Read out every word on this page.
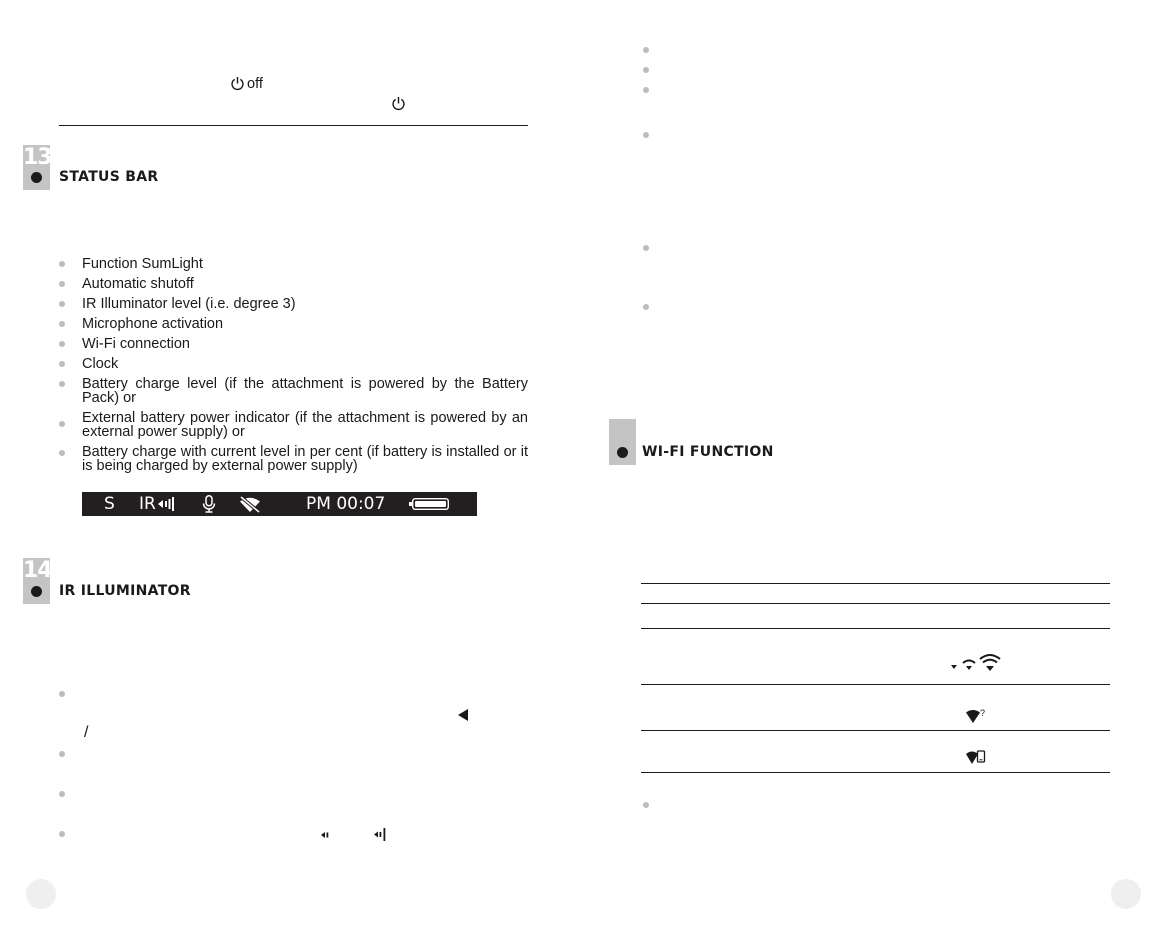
off
13
STATUS BAR
Function SumLight
Automatic shutoff
IR Illuminator level (i.e. degree 3)
Microphone activation
Wi-Fi connection
Clock
Battery charge level (if the attachment is powered by the Battery Pack) or
External battery power indicator (if the attachment is powered by an external power supply) or
Battery charge with current level in per cent (if battery is installed or it is being charged by external power supply)
S IR	PM 00:07
14
IR ILLUMINATOR
/
WI-FI FUNCTION
?
